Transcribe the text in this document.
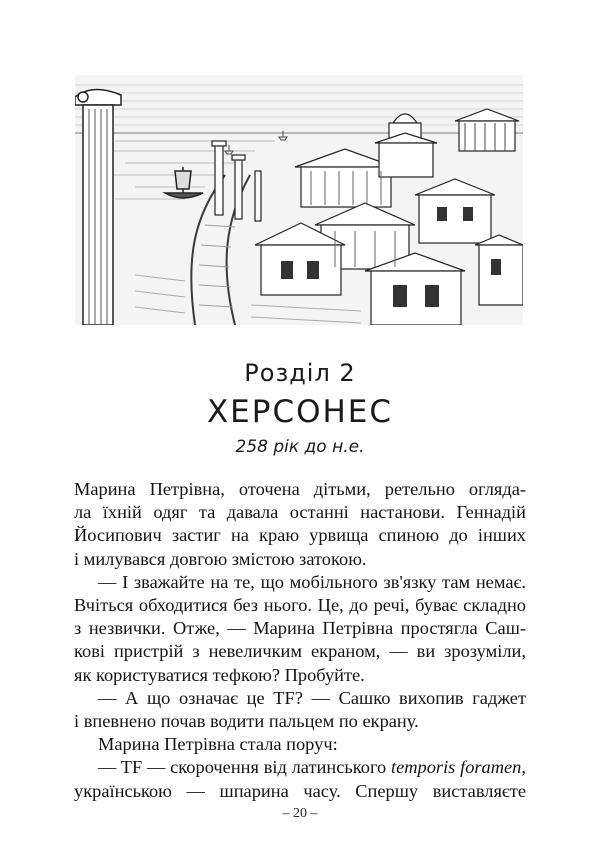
Розділ 2
ХЕРСОНЕС
258 рік до н.е.
Марина Петрівна, оточена дітьми, ретельно огляда-
ла їхній одяг та давала останні настанови. Геннадій
Йосипович застиг на краю урвища спиною до інших
і милувався довгою змістою затокою.
— І зважайте на те, що мобільного зв'язку там немає.
Вчіться обходитися без нього. Це, до речі, буває складно
з незвички. Отже, — Марина Петрівна простягла Саш-
кові пристрій з невеличким екраном, — ви зрозуміли,
як користуватися тефкою? Пробуйте.
— А що означає це TF? — Сашко вихопив гаджет
і впевнено почав водити пальцем по екрану.
Марина Петрівна стала поруч:
— TF — скорочення від латинського temporis foramen,
українською — шпарина часу. Спершу виставляєте
– 20 –
